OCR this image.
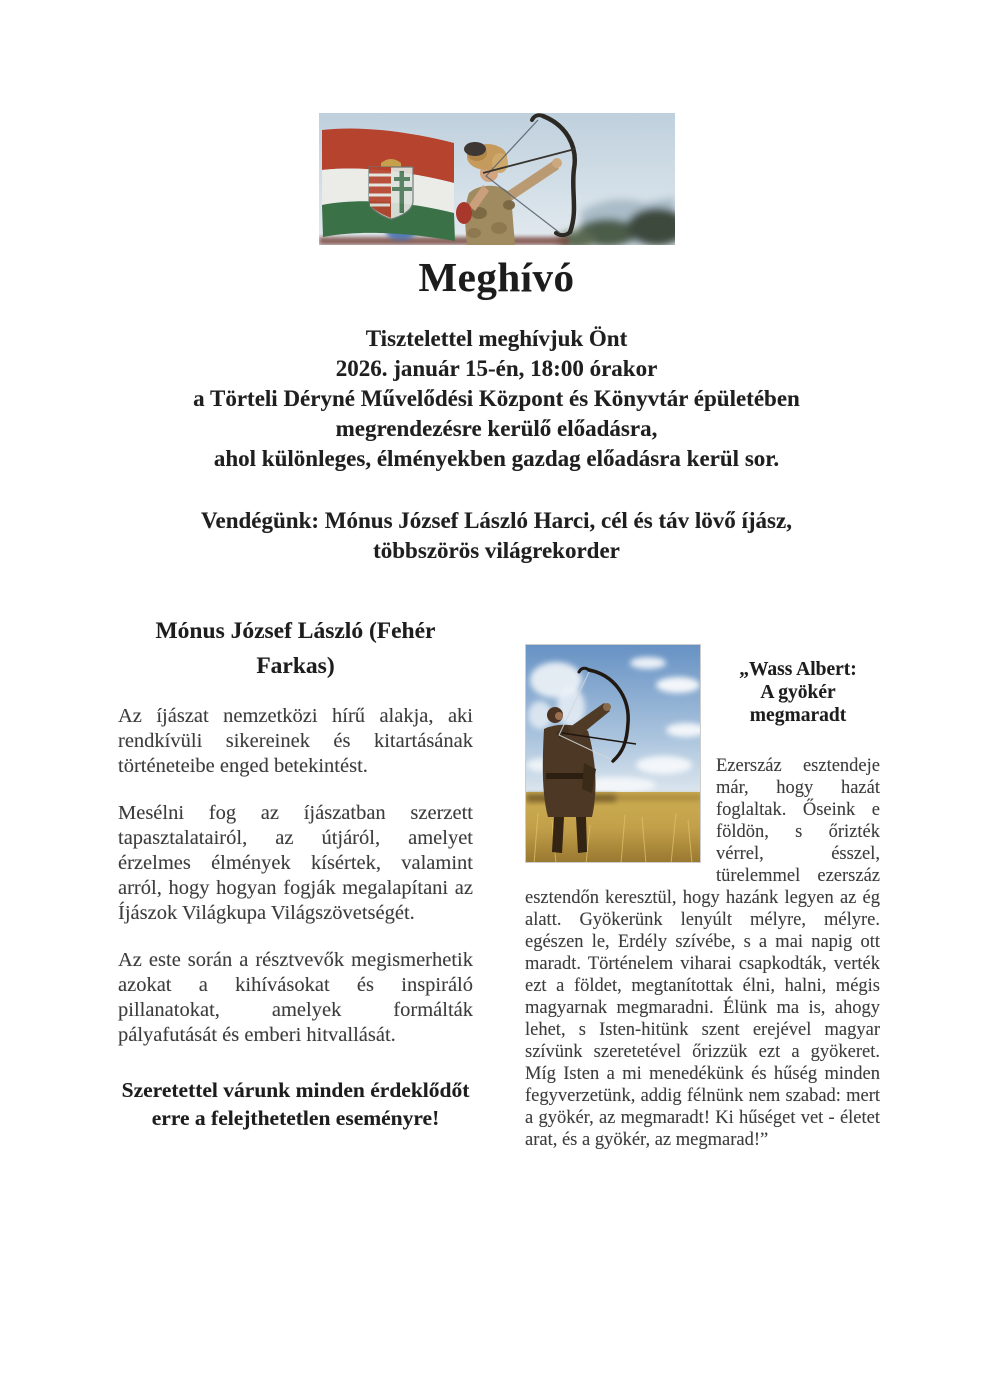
Meghívó
Tisztelettel meghívjuk Önt
2026. január 15-én, 18:00 órakor
a Törteli Déryné Művelődési Központ és Könyvtár épületében
megrendezésre kerülő előadásra,
ahol különleges, élményekben gazdag előadásra kerül sor.
Vendégünk: Mónus József László Harci, cél és táv lövő íjász,
többszörös világrekorder
Mónus József László (Fehér Farkas)

Az íjászat nemzetközi hírű alakja, aki rendkívüli sikereinek és kitartásának történeteibe enged betekintést.

Mesélni fog az íjászatban szerzett tapasztalatairól, az útjáról, amelyet érzelmes élmények kísértek, valamint arról, hogy hogyan fogják megalapítani az Íjászok Világkupa Világszövetségét.

Az este során a résztvevők megismerhetik azokat a kihívásokat és inspiráló pillanatokat, amelyek formálták pályafutását és emberi hitvallását.

Szeretettel várunk minden érdeklődőt erre a felejthetetlen eseményre!
„Wass Albert:
A gyökér
megmaradt

Ezerszáz esztendeje már, hogy hazát foglaltak. Őseink e földön, s őrizték vérrel, ésszel, türelemmel ezerszáz esztendőn keresztül, hogy hazánk legyen az ég alatt. Gyökerünk lenyúlt mélyre, mélyre. egészen le, Erdély szívébe, s a mai napig ott maradt. Történelem viharai csapkodták, verték ezt a földet, megtanítottak élni, halni, mégis magyarnak megmaradni. Élünk ma is, ahogy lehet, s Isten-hitünk szent erejével magyar szívünk szeretetével őrizzük ezt a gyökeret. Míg Isten a mi menedékünk és hűség minden fegyverzetünk, addig félnünk nem szabad: mert a gyökér, az megmaradt! Ki hűséget vet - életet arat, és a gyökér, az megmarad!”
